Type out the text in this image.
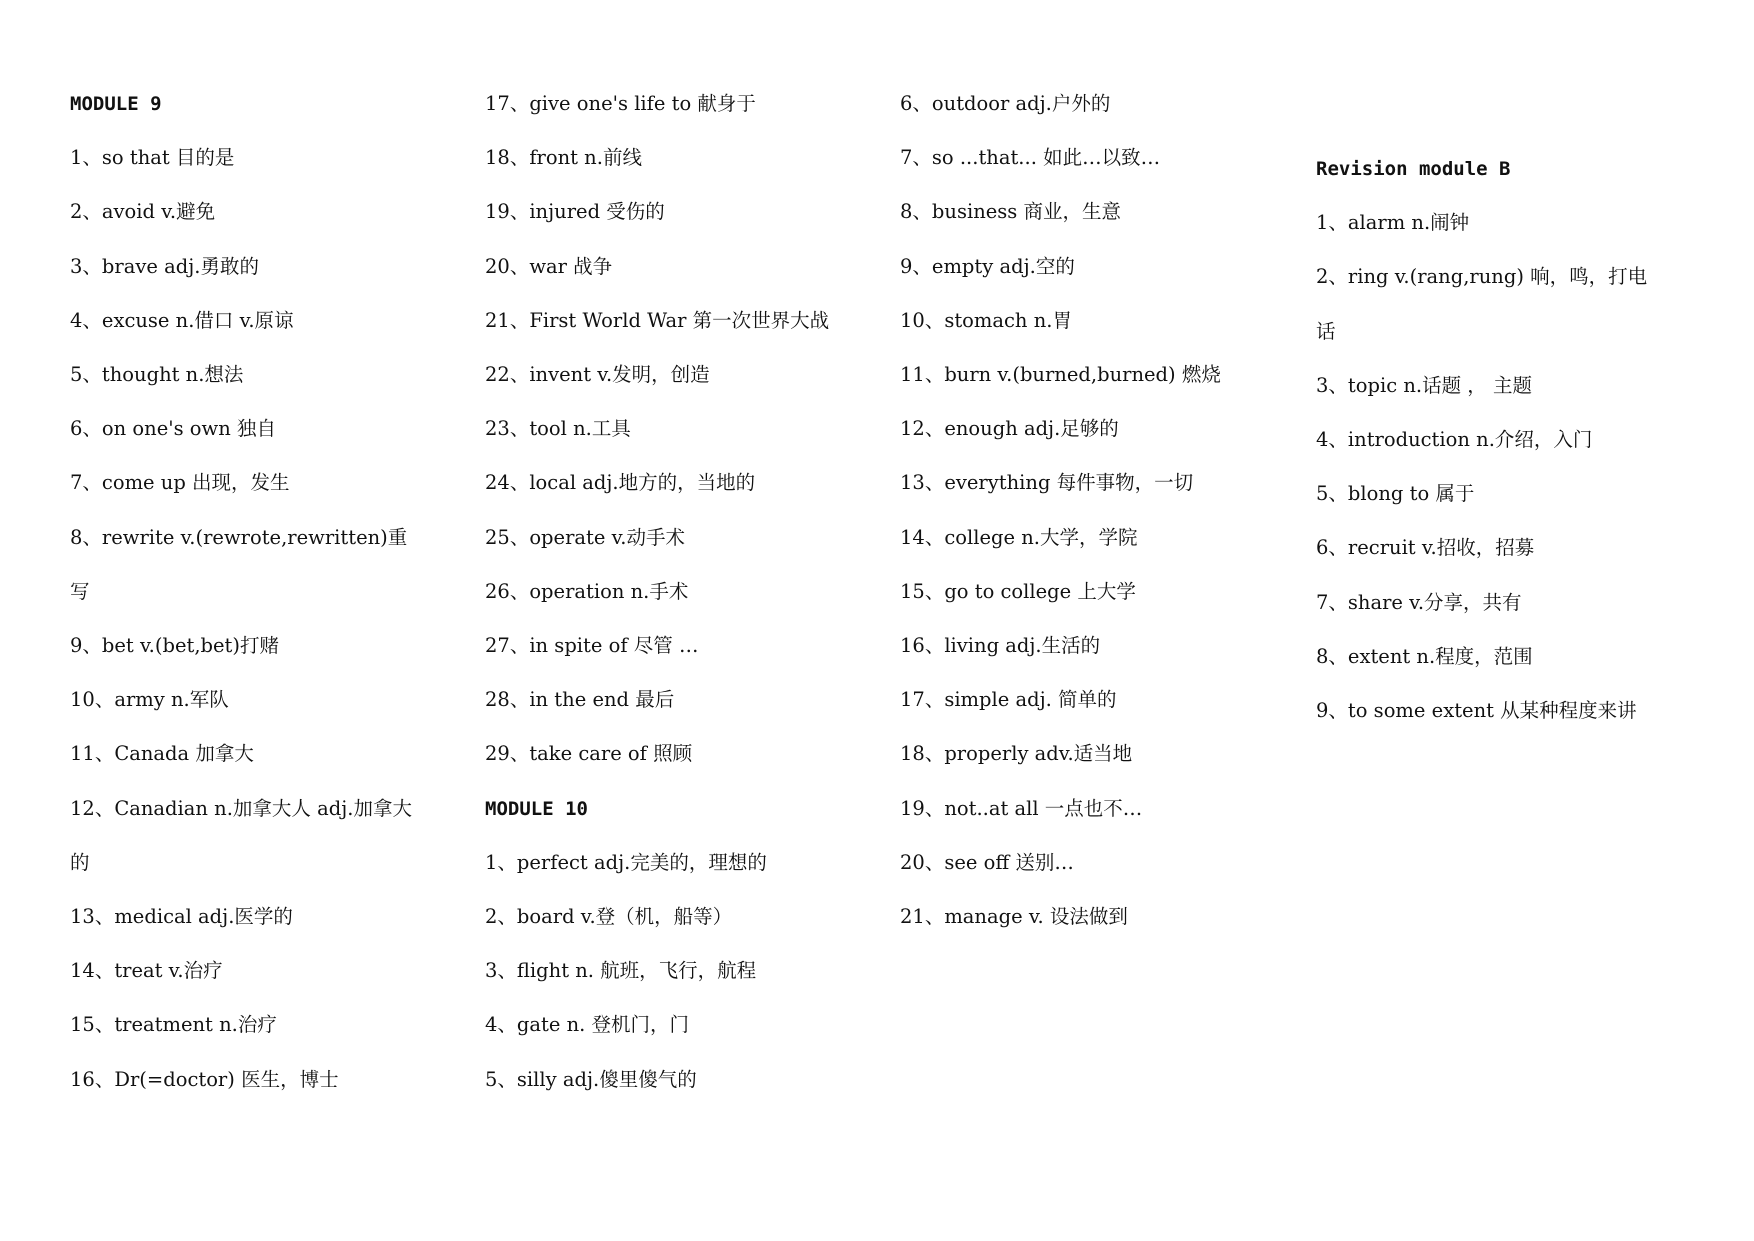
MODULE 9
1、so that 目的是
2、avoid v.避免
3、brave adj.勇敢的
4、excuse n.借口 v.原谅
5、thought n.想法
6、on one's own 独自
7、come up 出现，发生
8、rewrite v.(rewrote,rewritten)重
写
9、bet v.(bet,bet)打赌
10、army n.军队
11、Canada 加拿大
12、Canadian n.加拿大人 adj.加拿大
的
13、medical adj.医学的
14、treat v.治疗
15、treatment n.治疗
16、Dr(=doctor) 医生，博士
17、give one's life to 献身于
18、front n.前线
19、injured 受伤的
20、war 战争
21、First World War 第一次世界大战
22、invent v.发明，创造
23、tool n.工具
24、local adj.地方的，当地的
25、operate v.动手术
26、operation n.手术
27、in spite of 尽管 …
28、in the end 最后
29、take care of 照顾
MODULE 10
1、perfect adj.完美的，理想的
2、board v.登（机，船等）
3、flight n. 航班，飞行，航程
4、gate n. 登机门，门
5、silly adj.傻里傻气的
6、outdoor adj.户外的
7、so ...that... 如此…以致…
8、business 商业，生意
9、empty adj.空的
10、stomach n.胃
11、burn v.(burned,burned) 燃烧
12、enough adj.足够的
13、everything 每件事物，一切
14、college n.大学，学院
15、go to college 上大学
16、living adj.生活的
17、simple adj. 简单的
18、properly adv.适当地
19、not..at all 一点也不…
20、see off 送别…
21、manage v. 设法做到
Revision module B
1、alarm n.闹钟
2、ring v.(rang,rung) 响，鸣，打电
话
3、topic n.话题 ， 主题
4、introduction n.介绍，入门
5、blong to 属于
6、recruit v.招收，招募
7、share v.分享，共有
8、extent n.程度，范围
9、to some extent 从某种程度来讲
